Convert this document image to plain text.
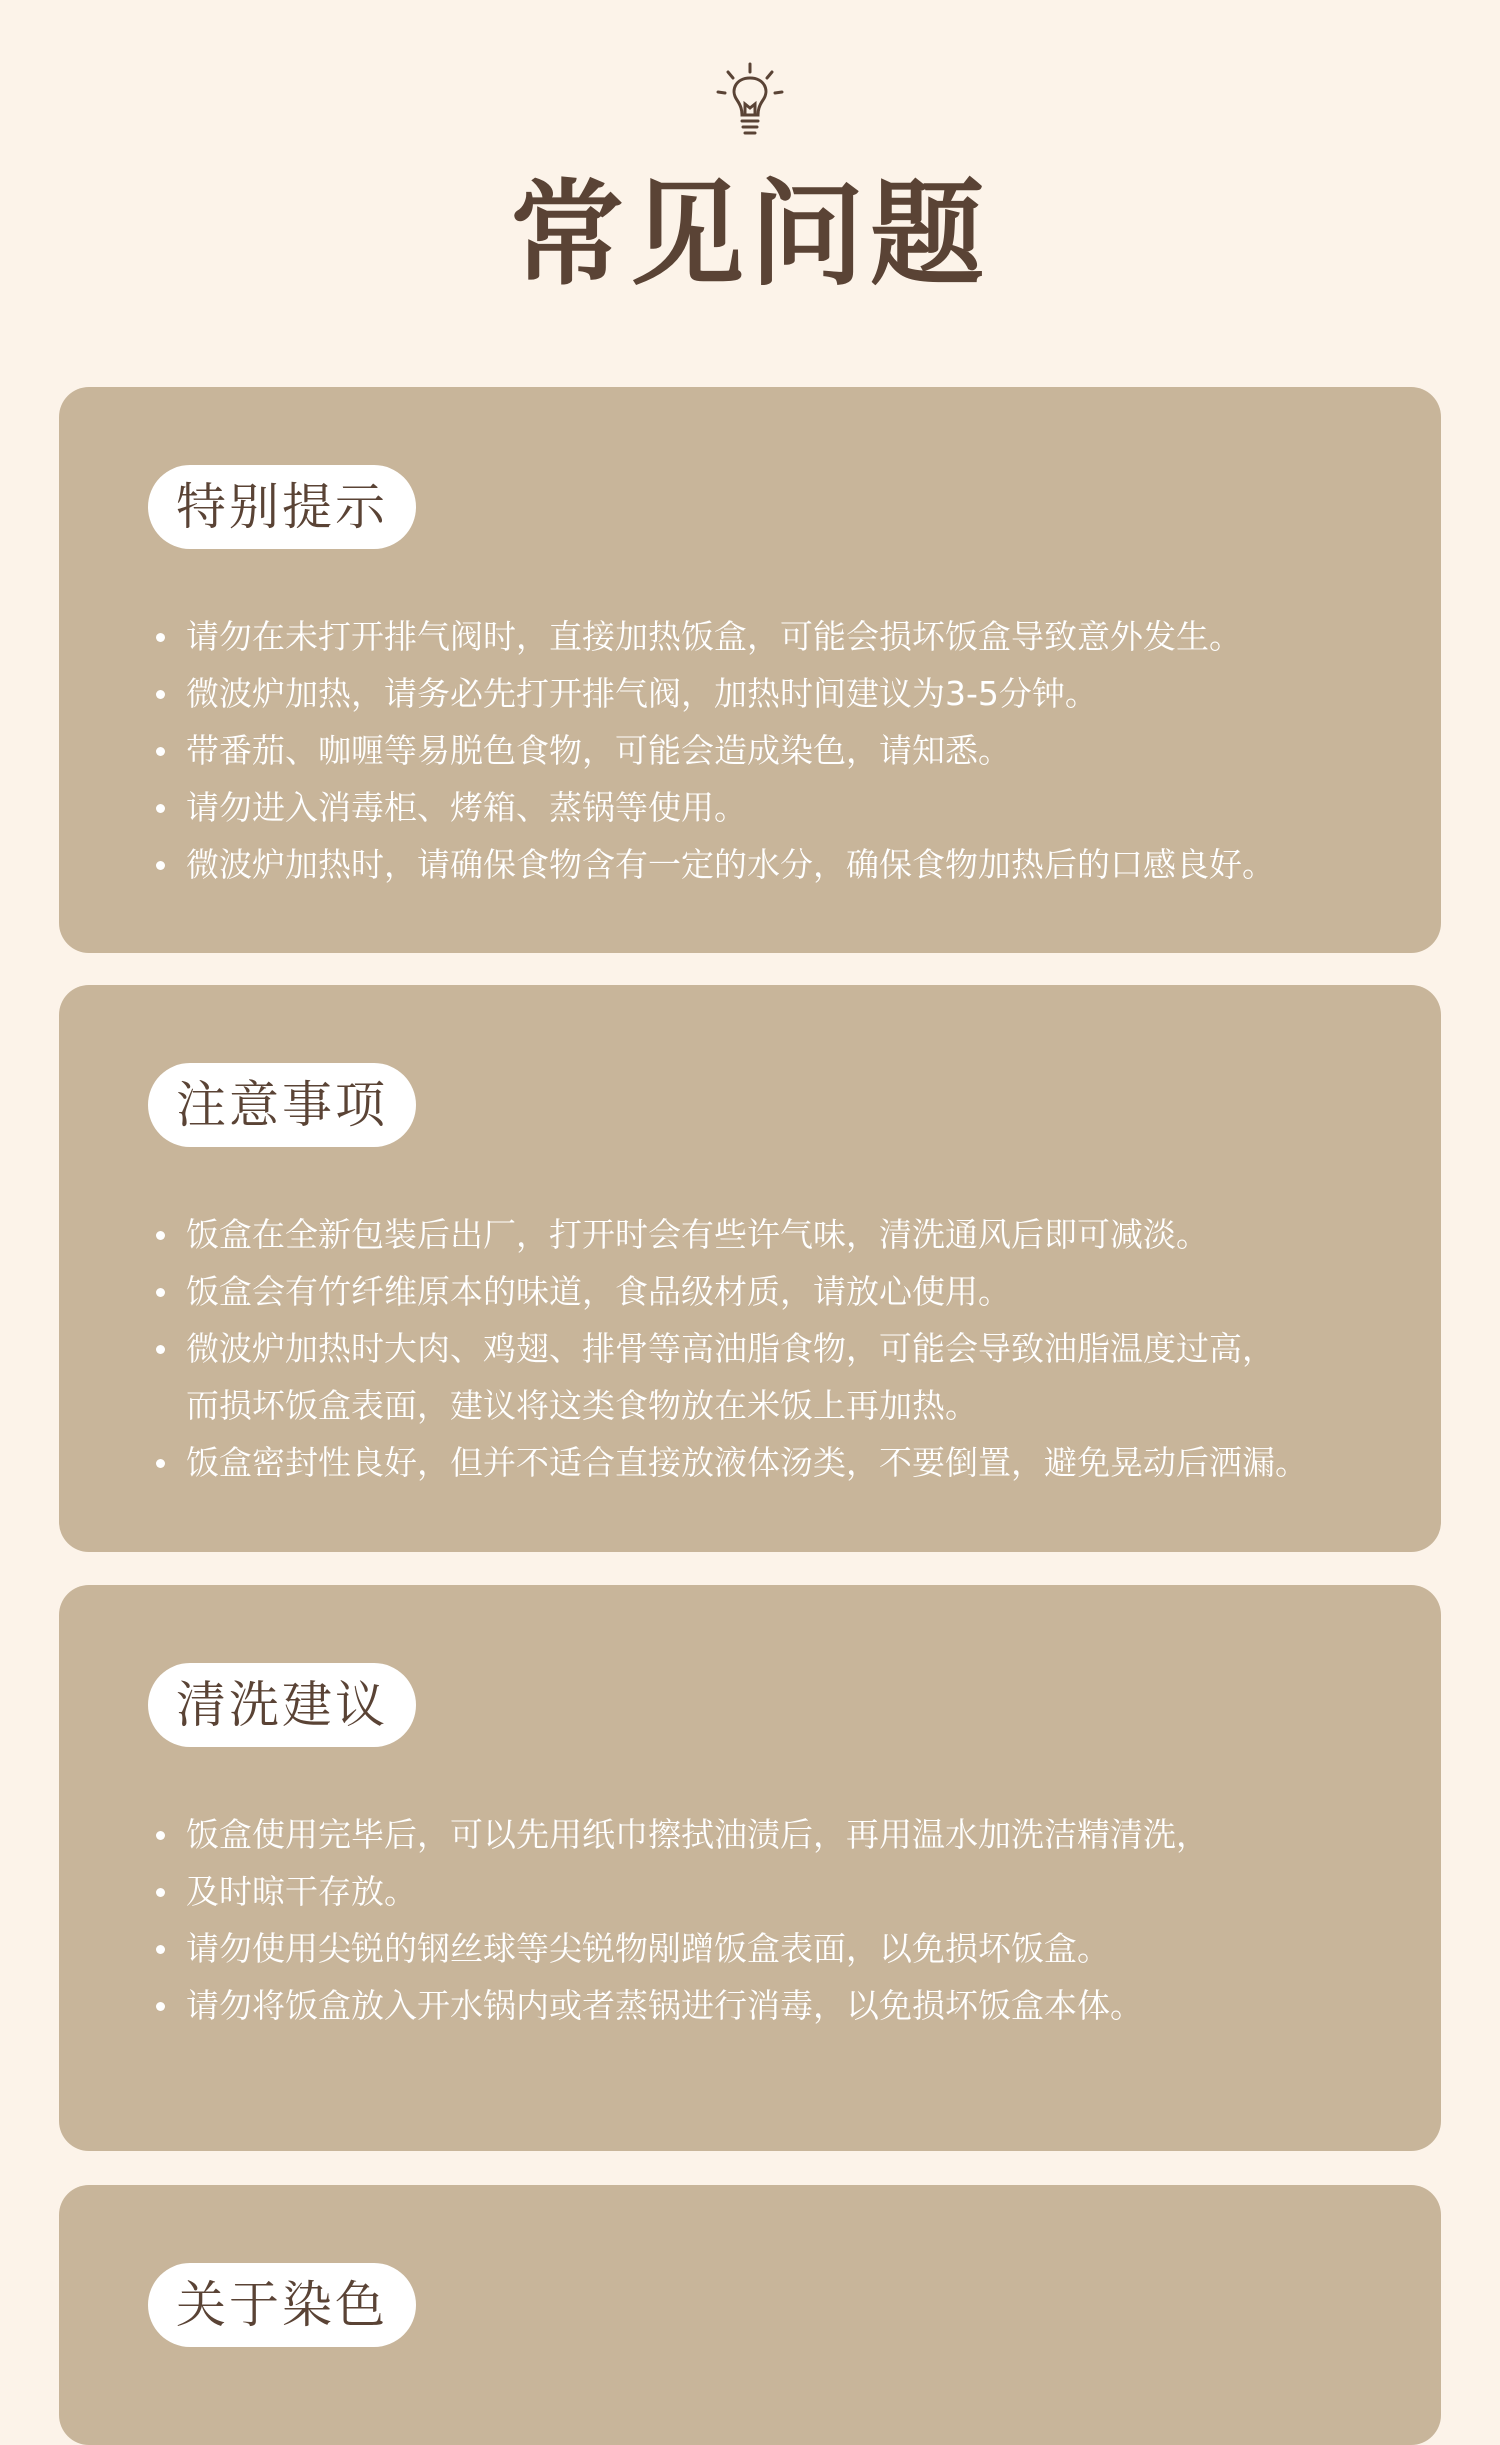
常见问题
特别提示
请勿在未打开排气阀时，直接加热饭盒，可能会损坏饭盒导致意外发生。
微波炉加热，请务必先打开排气阀，加热时间建议为3-5分钟。
带番茄、咖喱等易脱色食物，可能会造成染色，请知悉。
请勿进入消毒柜、烤箱、蒸锅等使用。
微波炉加热时，请确保食物含有一定的水分，确保食物加热后的口感良好。
注意事项
饭盒在全新包装后出厂，打开时会有些许气味，清洗通风后即可减淡。
饭盒会有竹纤维原本的味道，食品级材质，请放心使用。
微波炉加热时大肉、鸡翅、排骨等高油脂食物，可能会导致油脂温度过高，
而损坏饭盒表面，建议将这类食物放在米饭上再加热。
饭盒密封性良好，但并不适合直接放液体汤类，不要倒置，避免晃动后洒漏。
清洗建议
饭盒使用完毕后，可以先用纸巾擦拭油渍后，再用温水加洗洁精清洗，
及时晾干存放。
请勿使用尖锐的钢丝球等尖锐物剐蹭饭盒表面，以免损坏饭盒。
请勿将饭盒放入开水锅内或者蒸锅进行消毒，以免损坏饭盒本体。
关于染色
